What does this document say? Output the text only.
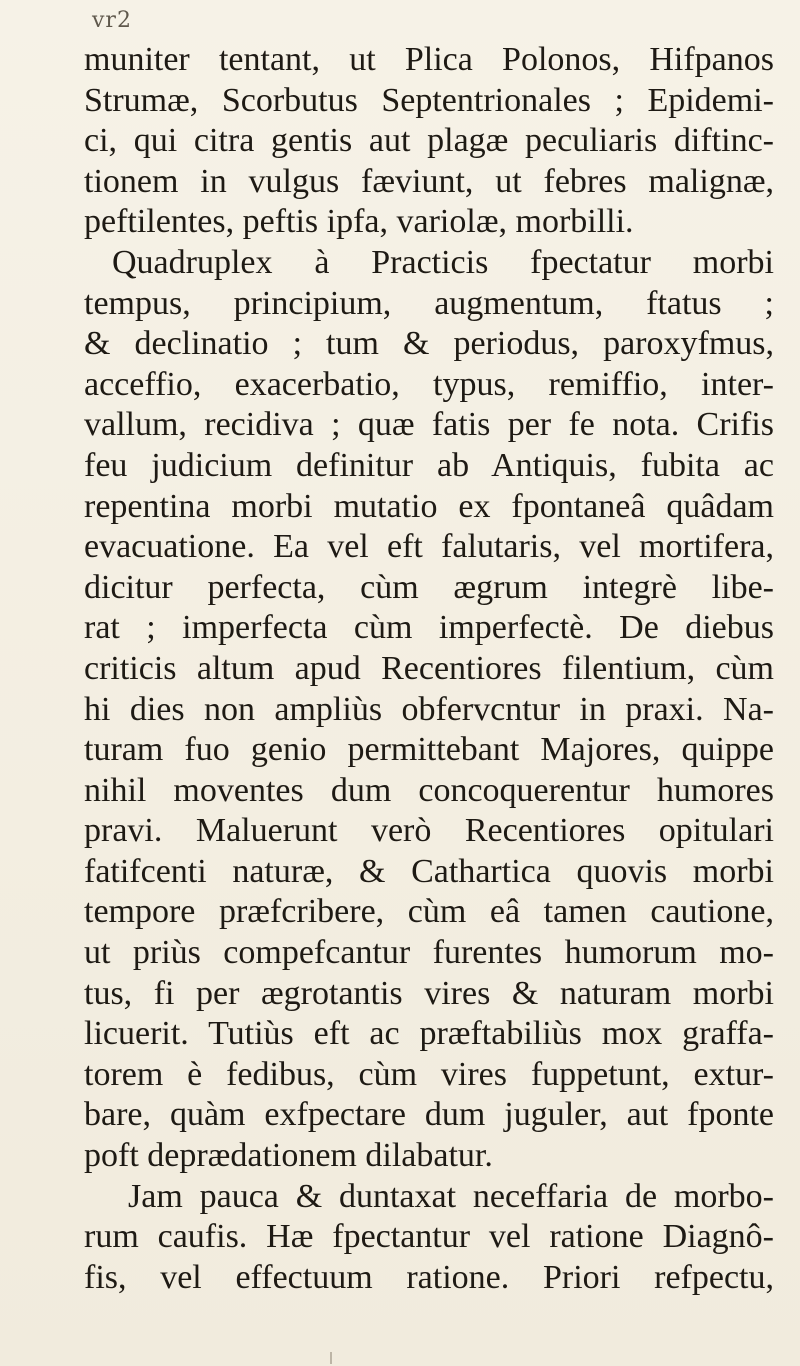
vr2
muniter tentant, ut Plica Polonos, Hifpanos
Strumæ, Scorbutus Septentrionales ; Epidemi-
ci, qui citra gentis aut plagæ peculiaris diftinc-
tionem in vulgus fæviunt, ut febres malignæ,
peftilentes, peftis ipfa, variolæ, morbilli.
Quadruplex à Practicis fpectatur morbi
tempus, principium, augmentum, ftatus ;
& declinatio ; tum & periodus, paroxyfmus,
acceffio, exacerbatio, typus, remiffio, inter-
vallum, recidiva ; quæ fatis per fe nota. Crifis
feu judicium definitur ab Antiquis, fubita ac
repentina morbi mutatio ex fpontaneâ quâdam
evacuatione. Ea vel eft falutaris, vel mortifera,
dicitur perfecta, cùm ægrum integrè libe-
rat ; imperfecta cùm imperfectè. De diebus
criticis altum apud Recentiores filentium, cùm
hi dies non ampliùs obfervcntur in praxi. Na-
turam fuo genio permittebant Majores, quippe
nihil moventes dum concoquerentur humores
pravi. Maluerunt verò Recentiores opitulari
fatifcenti naturæ, & Cathartica quovis morbi
tempore præfcribere, cùm eâ tamen cautione,
ut priùs compefcantur furentes humorum mo-
tus, fi per ægrotantis vires & naturam morbi
licuerit. Tutiùs eft ac præftabiliùs mox graffa-
torem è fedibus, cùm vires fuppetunt, extur-
bare, quàm exfpectare dum juguler, aut fponte
poft deprædationem dilabatur.
Jam pauca & duntaxat neceffaria de morbo-
rum caufis. Hæ fpectantur vel ratione Diagnô-
fis, vel effectuum ratione. Priori refpectu,
